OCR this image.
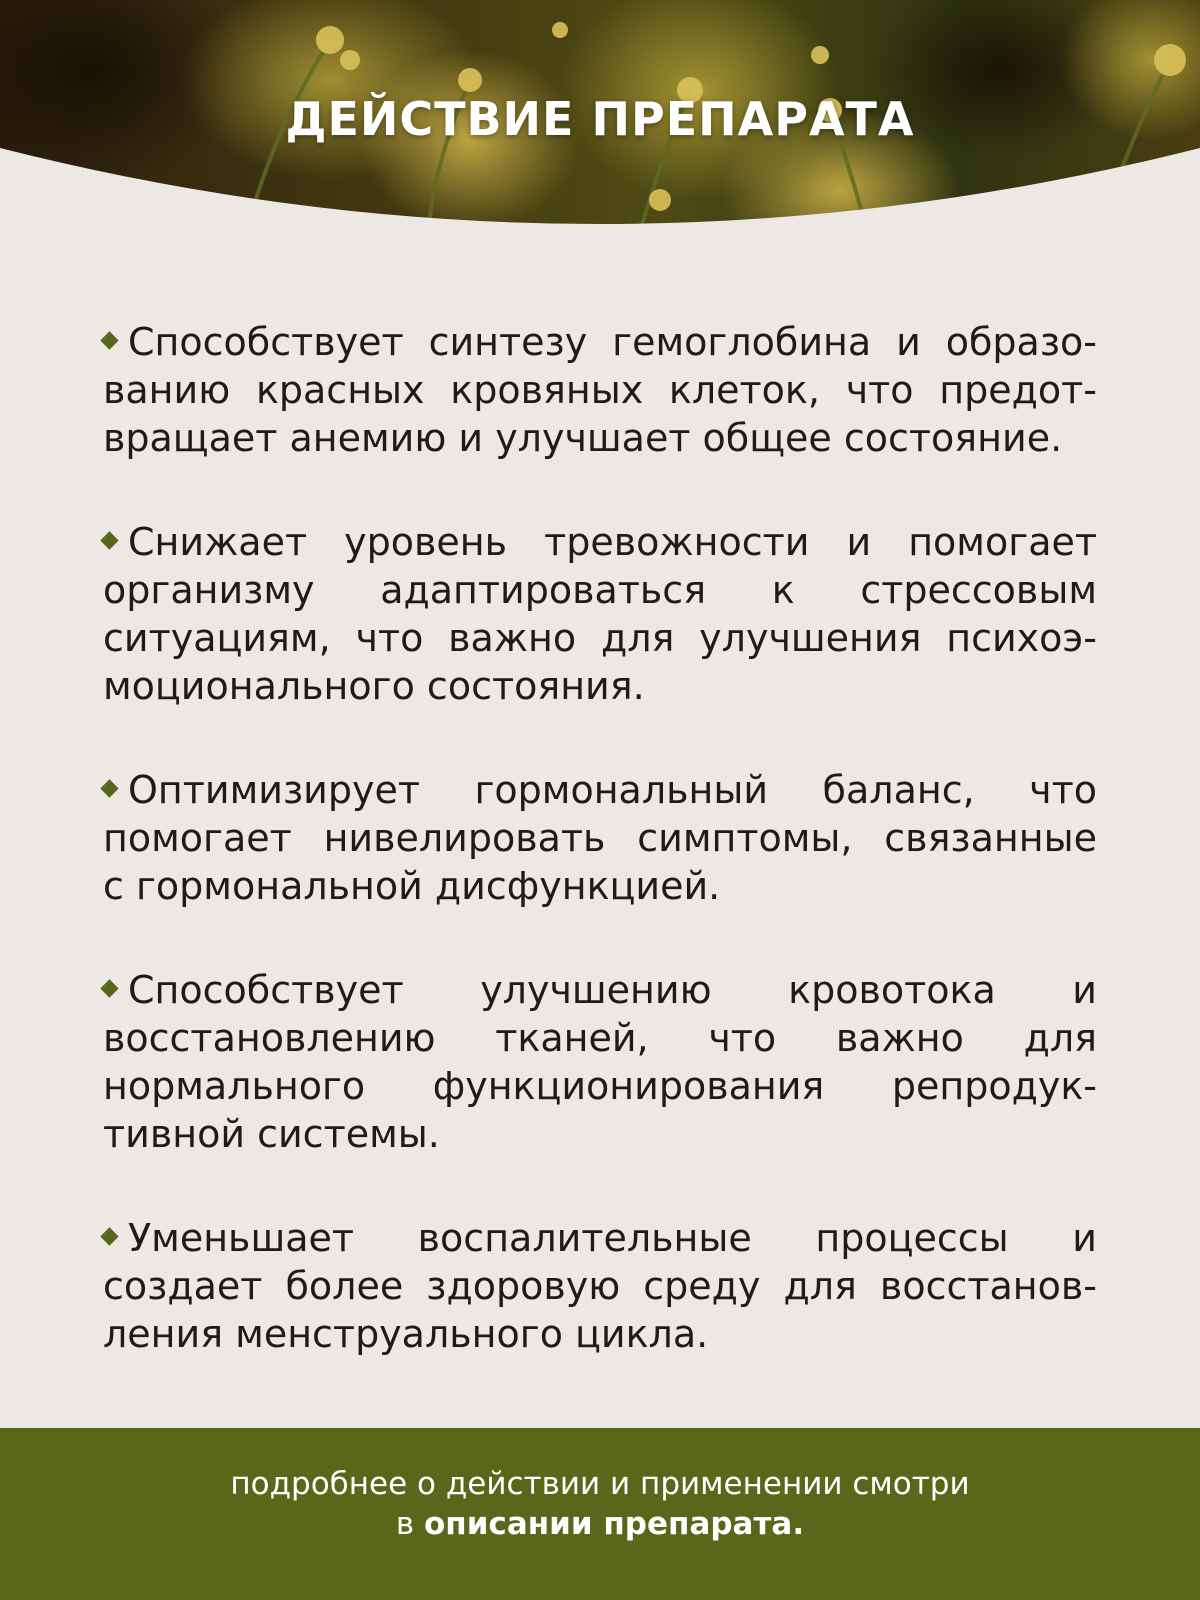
ДЕЙСТВИЕ ПРЕПАРАТА

Способствует синтезу гемоглобина и образо-
ванию красных кровяных клеток, что предот-
вращает анемию и улучшает общее состояние.

Снижает уровень тревожности и помогает
организму адаптироваться к стрессовым
ситуациям, что важно для улучшения психоэ-
моционального состояния.

Оптимизирует гормональный баланс, что
помогает нивелировать симптомы, связанные
с гормональной дисфункцией.

Способствует улучшению кровотока и
восстановлению тканей, что важно для
нормального функционирования репродук-
тивной системы.

Уменьшает воспалительные процессы и
создает более здоровую среду для восстанов-
ления менструального цикла.

подробнее о действии и применении смотри

в описании препарата.
